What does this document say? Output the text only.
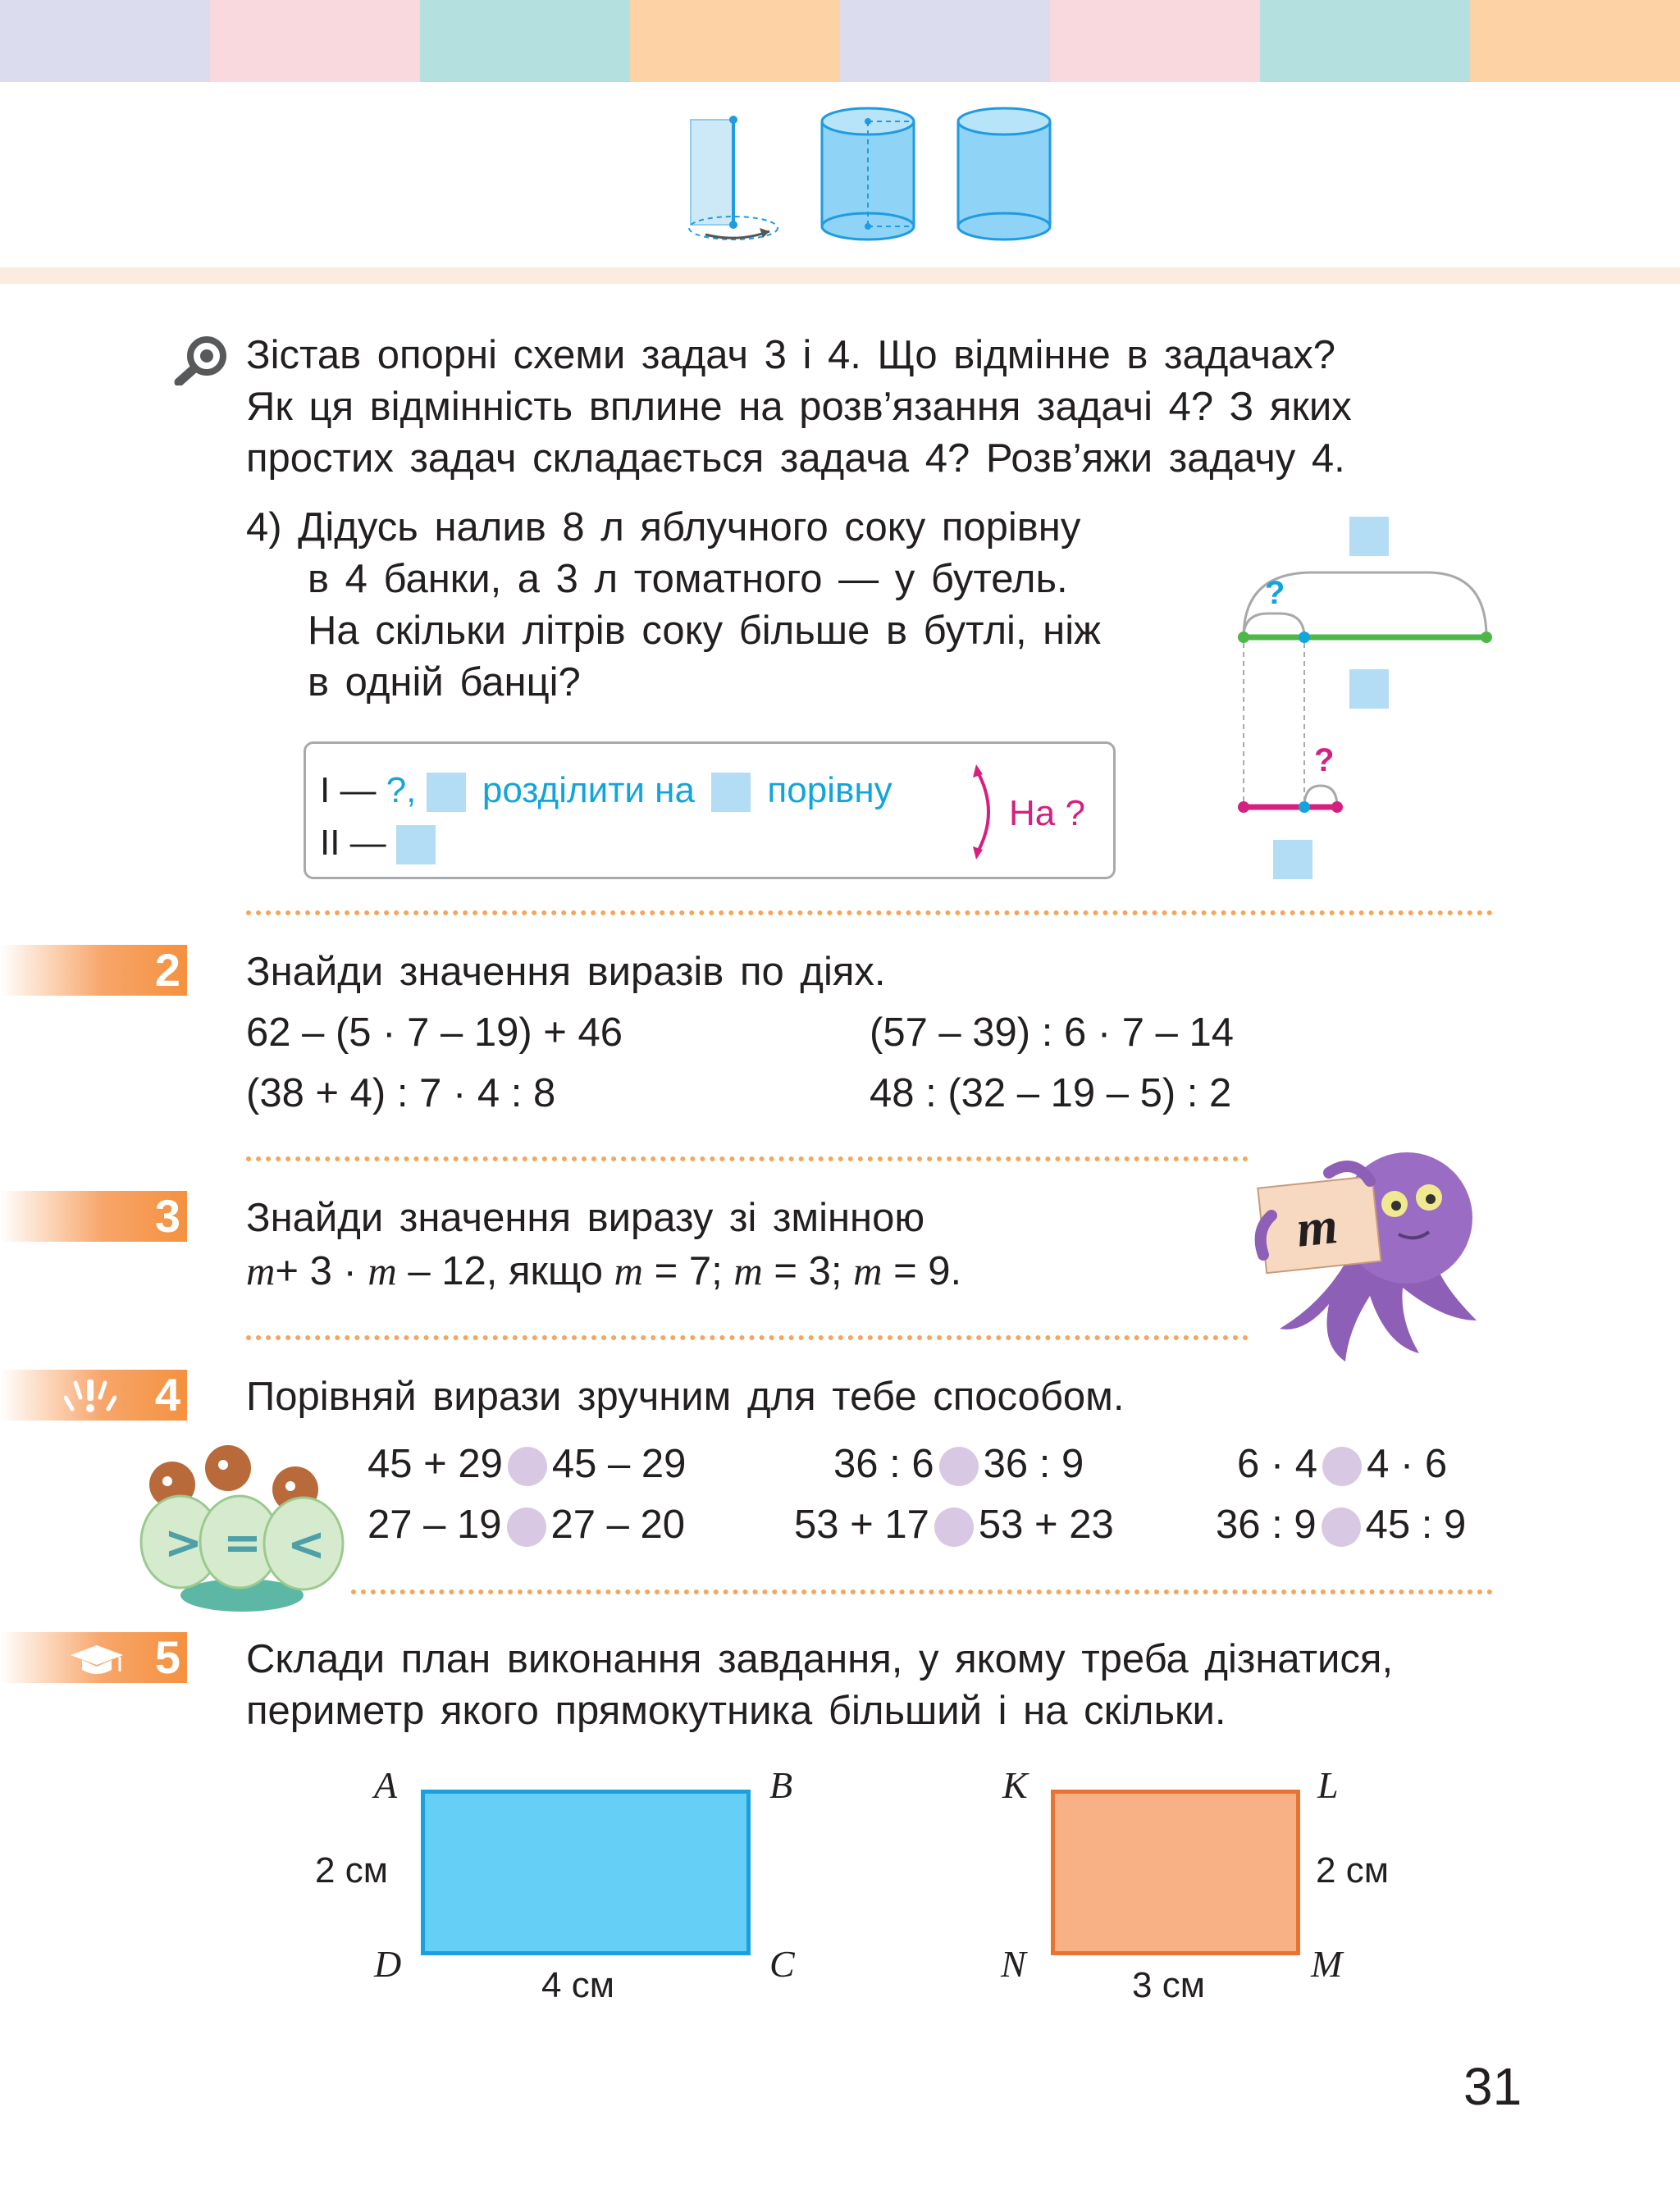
Зістав опорні схеми задач 3 і 4. Що відмінне в задачах?
Як ця відмінність вплине на розв’язання задачі 4? З яких
простих задач складається задача 4? Розв’яжи задачу 4.
4) Дідусь налив 8 л яблучного соку порівну
в 4 банки, а 3 л томатного — у бутель.
На скільки літрів соку більше в бутлі, ніж
в одній банці?
I — ?, розділити на порівну
II —
На ?
?
?
2 Знайди значення виразів по діях.
62 – (5 · 7 – 19) + 46	(57 – 39) : 6 · 7 – 14
(38 + 4) : 7 · 4 : 8	48 : (32 – 19 – 5) : 2
3 Знайди значення виразу зі змінною
m+ 3 · m – 12, якщо m = 7; m = 3; m = 9.
m
4 Порівняй вирази зручним для тебе способом.
> = <
45 + 29 45 – 29	36 : 6 36 : 9	6 · 4 4 · 6
27 – 19 27 – 20	53 + 17 53 + 23	36 : 9 45 : 9
5 Склади план виконання завдання, у якому треба дізнатися,
периметр якого прямокутника більший і на скільки.
A	B
C
D
2 см
4 см
K	L
M
N
2 см
3 см
31
